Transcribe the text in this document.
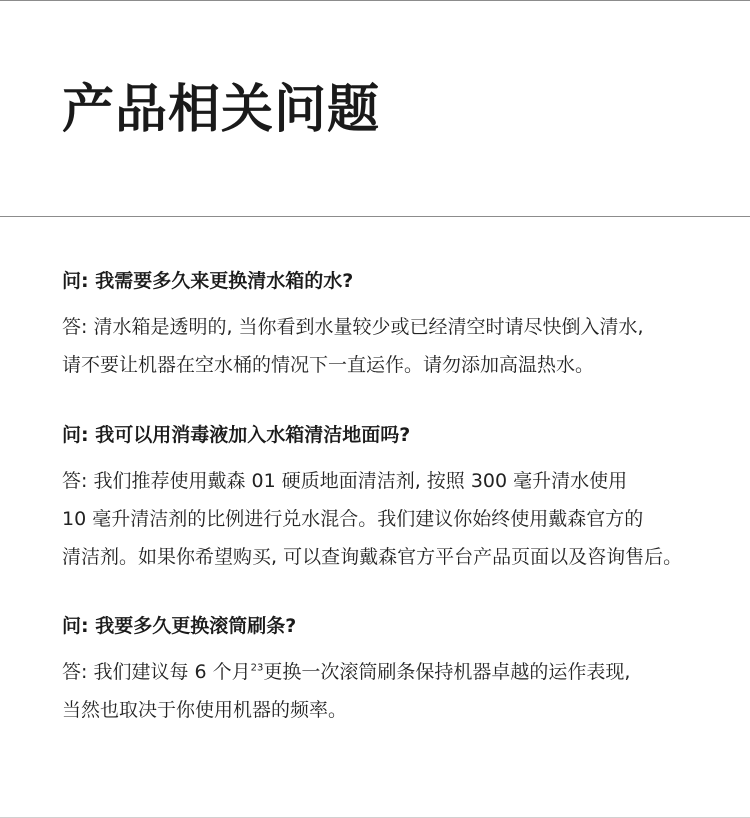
产品相关问题

问: 我需要多久来更换清水箱的水?

答: 清水箱是透明的, 当你看到水量较少或已经清空时请尽快倒入清水,
请不要让机器在空水桶的情况下一直运作。请勿添加高温热水。

问: 我可以用消毒液加入水箱清洁地面吗?

答: 我们推荐使用戴森 01 硬质地面清洁剂, 按照 300 毫升清水使用
10 毫升清洁剂的比例进行兑水混合。我们建议你始终使用戴森官方的
清洁剂。如果你希望购买, 可以查询戴森官方平台产品页面以及咨询售后。

问: 我要多久更换滚筒刷条?

答: 我们建议每 6 个月$^{23}$更换一次滚筒刷条保持机器卓越的运作表现,
当然也取决于你使用机器的频率。
